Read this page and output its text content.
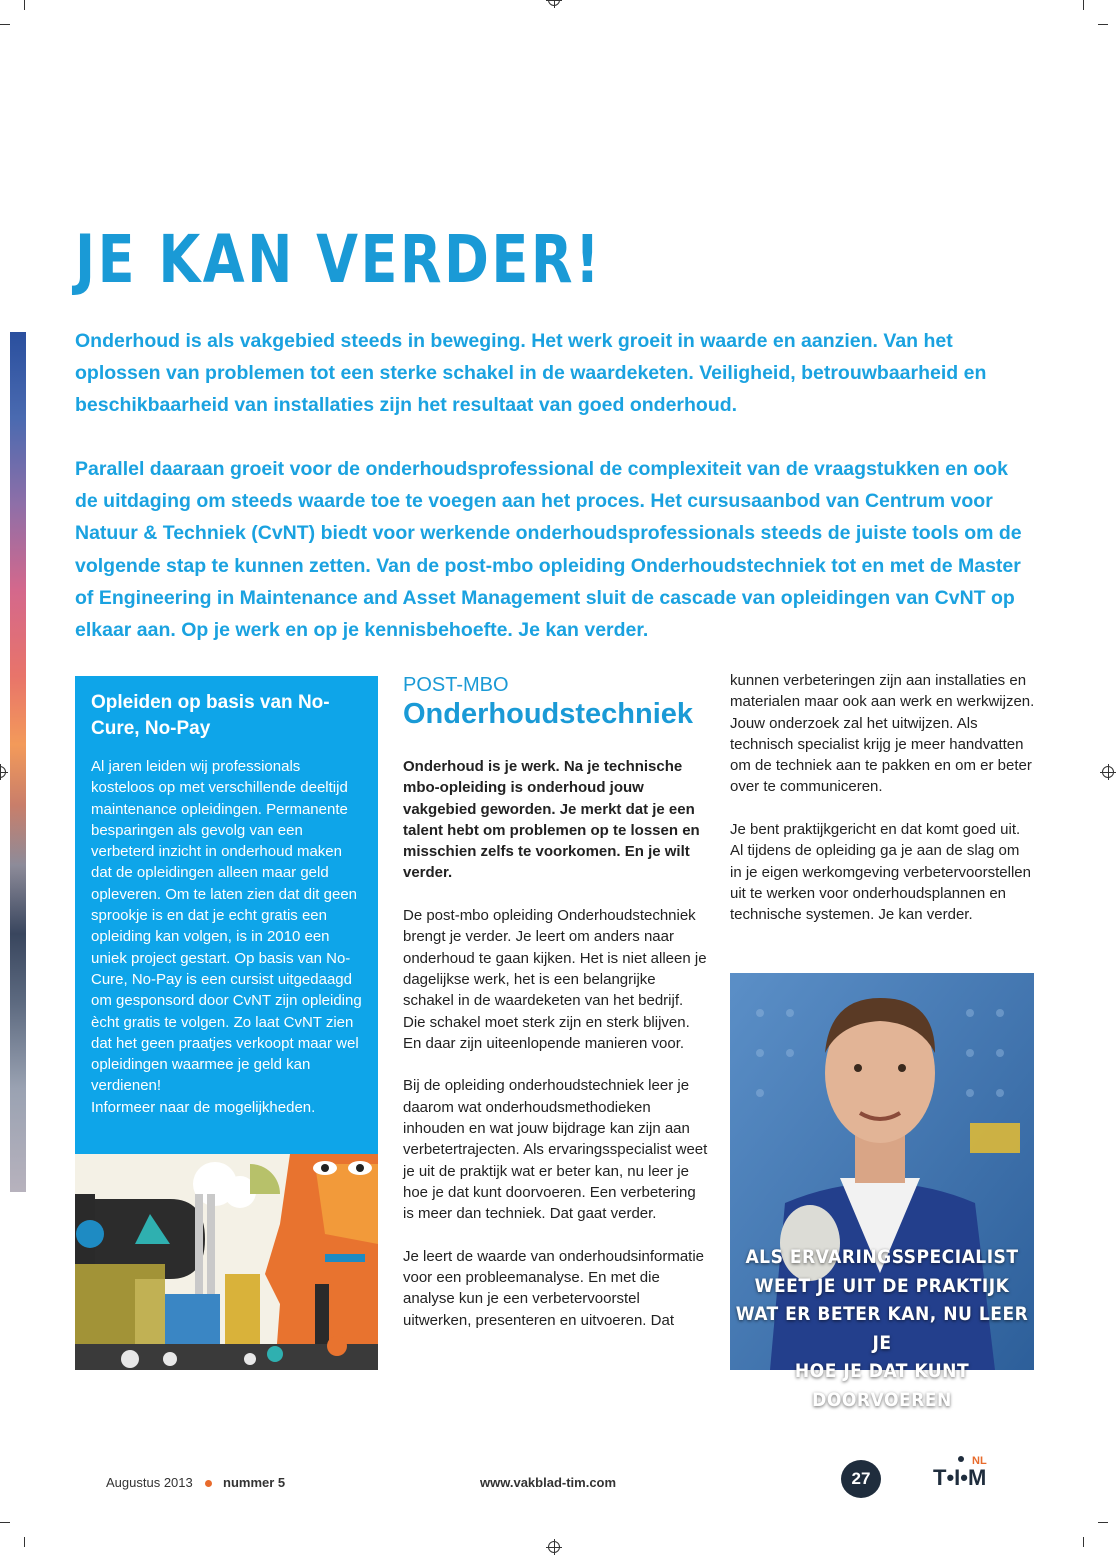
JE KAN VERDER!

Onderhoud is als vakgebied steeds in beweging. Het werk groeit in waarde en aanzien. Van het oplossen van problemen tot een sterke schakel in de waardeketen. Veiligheid, betrouwbaarheid en beschikbaarheid van installaties zijn het resultaat van goed onderhoud.

Parallel daaraan groeit voor de onderhoudsprofessional de complexiteit van de vraagstukken en ook de uitdaging om steeds waarde toe te voegen aan het proces. Het cursusaanbod van Centrum voor Natuur & Techniek (CvNT) biedt voor werkende onderhoudsprofessionals steeds de juiste tools om de volgende stap te kunnen zetten. Van de post-mbo opleiding Onderhoudstechniek tot en met de Master of Engineering in Maintenance and Asset Management sluit de cascade van opleidingen van CvNT op elkaar aan. Op je werk en op je kennisbehoefte. Je kan verder.

Opleiden op basis van No-Cure, No-Pay

Al jaren leiden wij professionals kosteloos op met verschillende deeltijd maintenance opleidingen. Permanente besparingen als gevolg van een verbeterd inzicht in onderhoud maken dat de opleidingen alleen maar geld opleveren. Om te laten zien dat dit geen sprookje is en dat je echt gratis een opleiding kan volgen, is in 2010 een uniek project gestart. Op basis van No-Cure, No-Pay is een cursist uitgedaagd om gesponsord door CvNT zijn opleiding ècht gratis te volgen. Zo laat CvNT zien dat het geen praatjes verkoopt maar wel opleidingen waarmee je geld kan verdienen!

Informeer naar de mogelijkheden.

POST-MBO
Onderhoudstechniek

Onderhoud is je werk. Na je technische mbo-opleiding is onderhoud jouw vakgebied geworden. Je merkt dat je een talent hebt om problemen op te lossen en misschien zelfs te voorkomen. En je wilt verder.

De post-mbo opleiding Onderhoudstechniek brengt je verder. Je leert om anders naar onderhoud te gaan kijken. Het is niet alleen je dagelijkse werk, het is een belangrijke schakel in de waardeketen van het bedrijf. Die schakel moet sterk zijn en sterk blijven. En daar zijn uiteenlopende manieren voor.

Bij de opleiding onderhoudstechniek leer je daarom wat onderhoudsmethodieken inhouden en wat jouw bijdrage kan zijn aan verbetertrajecten. Als ervaringsspecialist weet je uit de praktijk wat er beter kan, nu leer je hoe je dat kunt doorvoeren. Een verbetering is meer dan techniek. Dat gaat verder.

Je leert de waarde van onderhoudsinformatie voor een probleemanalyse. En met die analyse kun je een verbetervoorstel uitwerken, presenteren en uitvoeren. Dat

kunnen verbeteringen zijn aan installaties en materialen maar ook aan werk en werkwijzen. Jouw onderzoek zal het uitwijzen. Als technisch specialist krijg je meer handvatten om de techniek aan te pakken en om er beter over te communiceren.

Je bent praktijkgericht en dat komt goed uit. Al tijdens de opleiding ga je aan de slag om in je eigen werkomgeving verbetervoorstellen uit te werken voor onderhoudsplannen en technische systemen. Je kan verder.

ALS ERVARINGSSPECIALIST
WEET JE UIT DE PRAKTIJK
WAT ER BETER KAN, NU LEER JE
HOE JE DAT KUNT DOORVOEREN
Augustus 2013 nummer 5	www.vakblad-tim.com	27
NL
T•I•M
